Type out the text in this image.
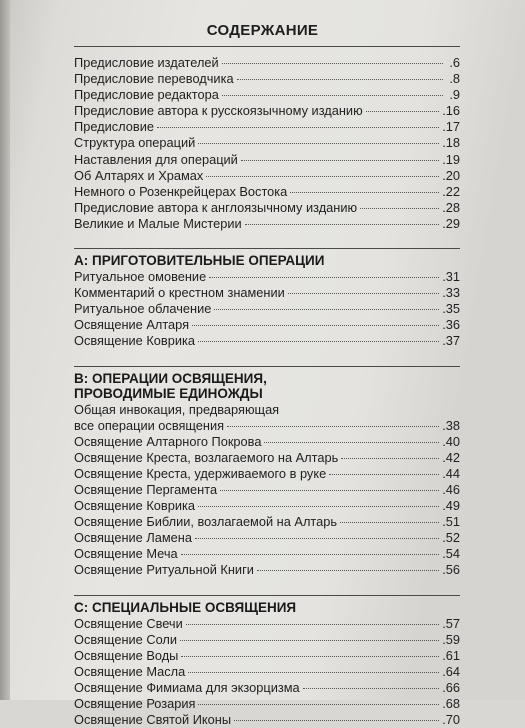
СОДЕРЖАНИЕ
Предисловие издателей	.6
Предисловие переводчика	.8
Предисловие редактора	.9
Предисловие автора к русскоязычному изданию	.16
Предисловие	.17
Структура операций	.18
Наставления для операций	.19
Об Алтарях и Храмах	.20
Немного о Розенкрейцерах Востока	.22
Предисловие автора к англоязычному изданию	.28
Великие и Малые Мистерии	.29
A: ПРИГОТОВИТЕЛЬНЫЕ ОПЕРАЦИИ
Ритуальное омовение	.31
Комментарий о крестном знамении	.33
Ритуальное облачение	.35
Освящение Алтаря	.36
Освящение Коврика	.37
B: ОПЕРАЦИИ ОСВЯЩЕНИЯ,
ПРОВОДИМЫЕ ЕДИНОЖДЫ
Общая инвокация, предваряющая
все операции освящения	.38
Освящение Алтарного Покрова	.40
Освящение Креста, возлагаемого на Алтарь	.42
Освящение Креста, удерживаемого в руке	.44
Освящение Пергамента	.46
Освящение Коврика	.49
Освящение Библии, возлагаемой на Алтарь	.51
Освящение Ламена	.52
Освящение Меча	.54
Освящение Ритуальной Книги	.56
C: СПЕЦИАЛЬНЫЕ ОСВЯЩЕНИЯ
Освящение Свечи	.57
Освящение Соли	.59
Освящение Воды	.61
Освящение Масла	.64
Освящение Фимиама для экзорцизма	.66
Освящение Розария	.68
Освящение Святой Иконы	.70
